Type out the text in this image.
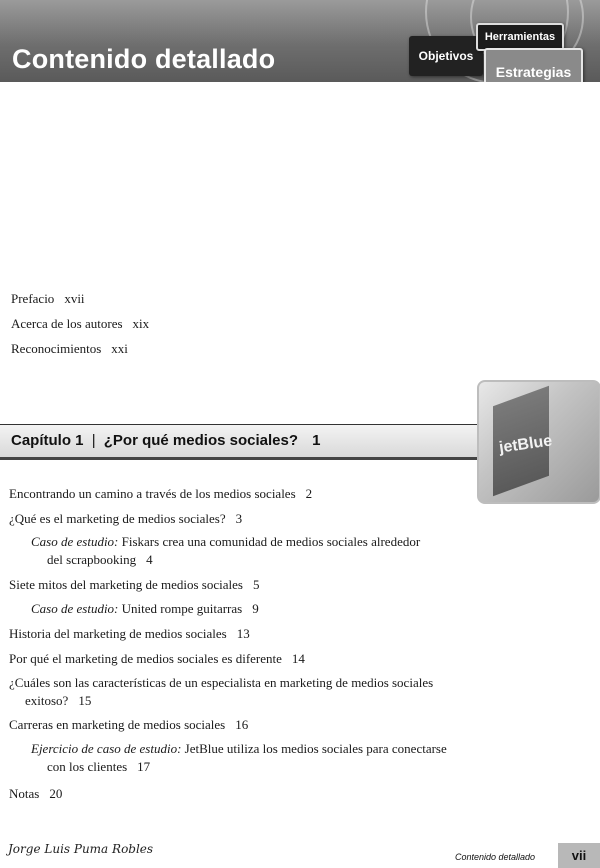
Contenido detallado	Objetivos
Herramientas
Estrategias
Prefacio xvii
Acerca de los autores xix
Reconocimientos xxi
Capítulo 1 | ¿Por qué medios sociales? 1	jetBlue
Encontrando un camino a través de los medios sociales 2
¿Qué es el marketing de medios sociales? 3
Caso de estudio: Fiskars crea una comunidad de medios sociales alrededor
del scrapbooking 4
Siete mitos del marketing de medios sociales 5
Caso de estudio: United rompe guitarras 9
Historia del marketing de medios sociales 13
Por qué el marketing de medios sociales es diferente 14
¿Cuáles son las características de un especialista en marketing de medios sociales
exitoso? 15
Carreras en marketing de medios sociales 16
Ejercicio de caso de estudio: JetBlue utiliza los medios sociales para conectarse
con los clientes 17
Notas 20
Jorge Luis Puma Robles
Contenido detallado	vii
